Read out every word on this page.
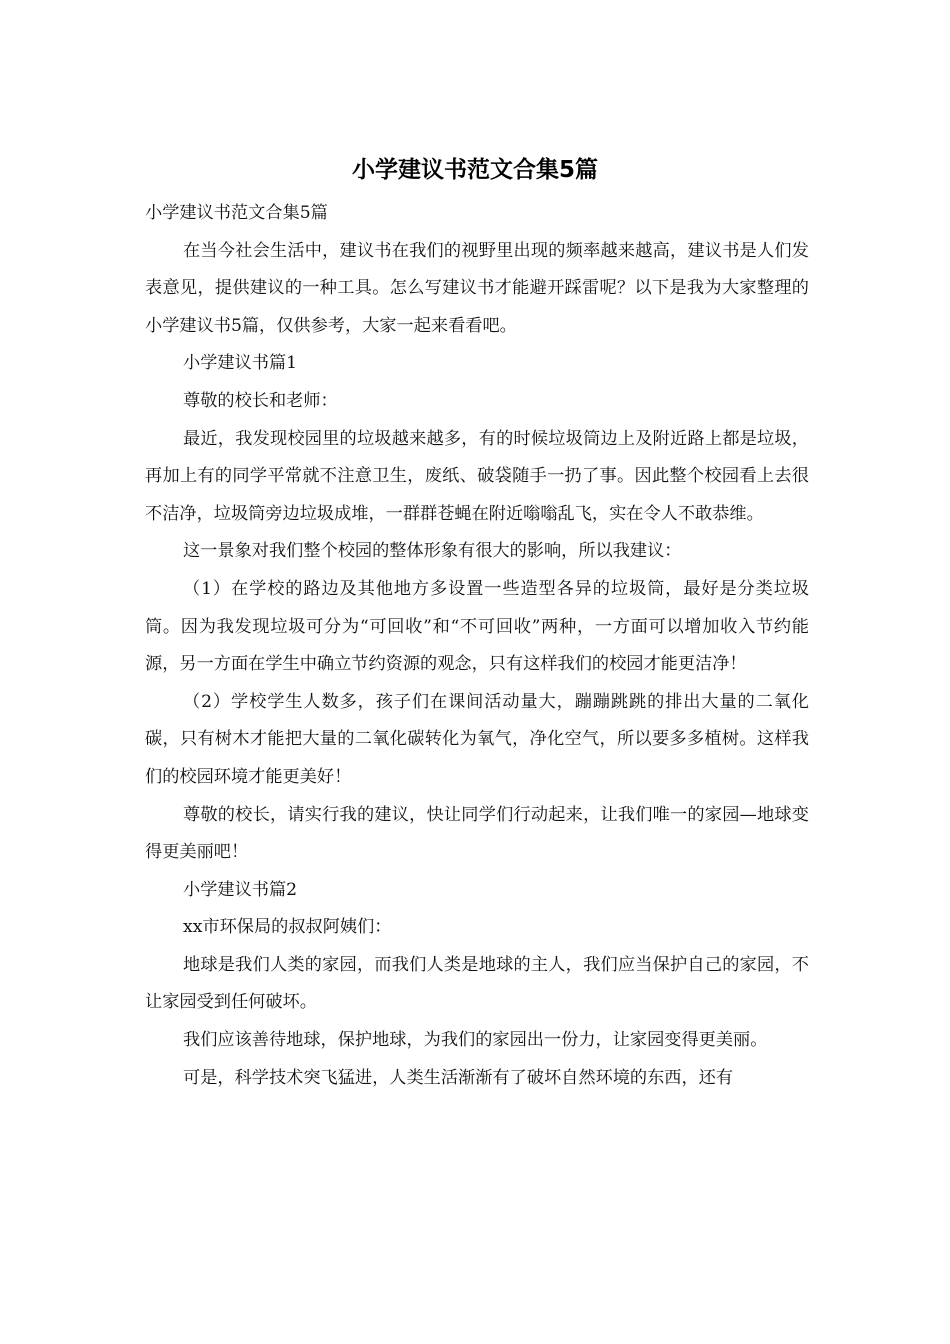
小学建议书范文合集5篇

小学建议书范文合集5篇

在当今社会生活中，建议书在我们的视野里出现的频率越来越高，建议书是人们发表意见，提供建议的一种工具。怎么写建议书才能避开踩雷呢？以下是我为大家整理的小学建议书5篇，仅供参考，大家一起来看看吧。

小学建议书篇1

尊敬的校长和老师：

最近，我发现校园里的垃圾越来越多，有的时候垃圾筒边上及附近路上都是垃圾，再加上有的同学平常就不注意卫生，废纸、破袋随手一扔了事。因此整个校园看上去很不洁净，垃圾筒旁边垃圾成堆，一群群苍蝇在附近嗡嗡乱飞，实在令人不敢恭维。

这一景象对我们整个校园的整体形象有很大的影响，所以我建议：

（1）在学校的路边及其他地方多设置一些造型各异的垃圾筒，最好是分类垃圾筒。因为我发现垃圾可分为“可回收”和“不可回收”两种，一方面可以增加收入节约能源，另一方面在学生中确立节约资源的观念，只有这样我们的校园才能更洁净！

（2）学校学生人数多，孩子们在课间活动量大，蹦蹦跳跳的排出大量的二氧化碳，只有树木才能把大量的二氧化碳转化为氧气，净化空气，所以要多多植树。这样我们的校园环境才能更美好！

尊敬的校长，请实行我的建议，快让同学们行动起来，让我们唯一的家园—地球变得更美丽吧！

小学建议书篇2

xx市环保局的叔叔阿姨们：

地球是我们人类的家园，而我们人类是地球的主人，我们应当保护自己的家园，不让家园受到任何破坏。

我们应该善待地球，保护地球，为我们的家园出一份力，让家园变得更美丽。

可是，科学技术突飞猛进，人类生活渐渐有了破坏自然环境的东西，还有
